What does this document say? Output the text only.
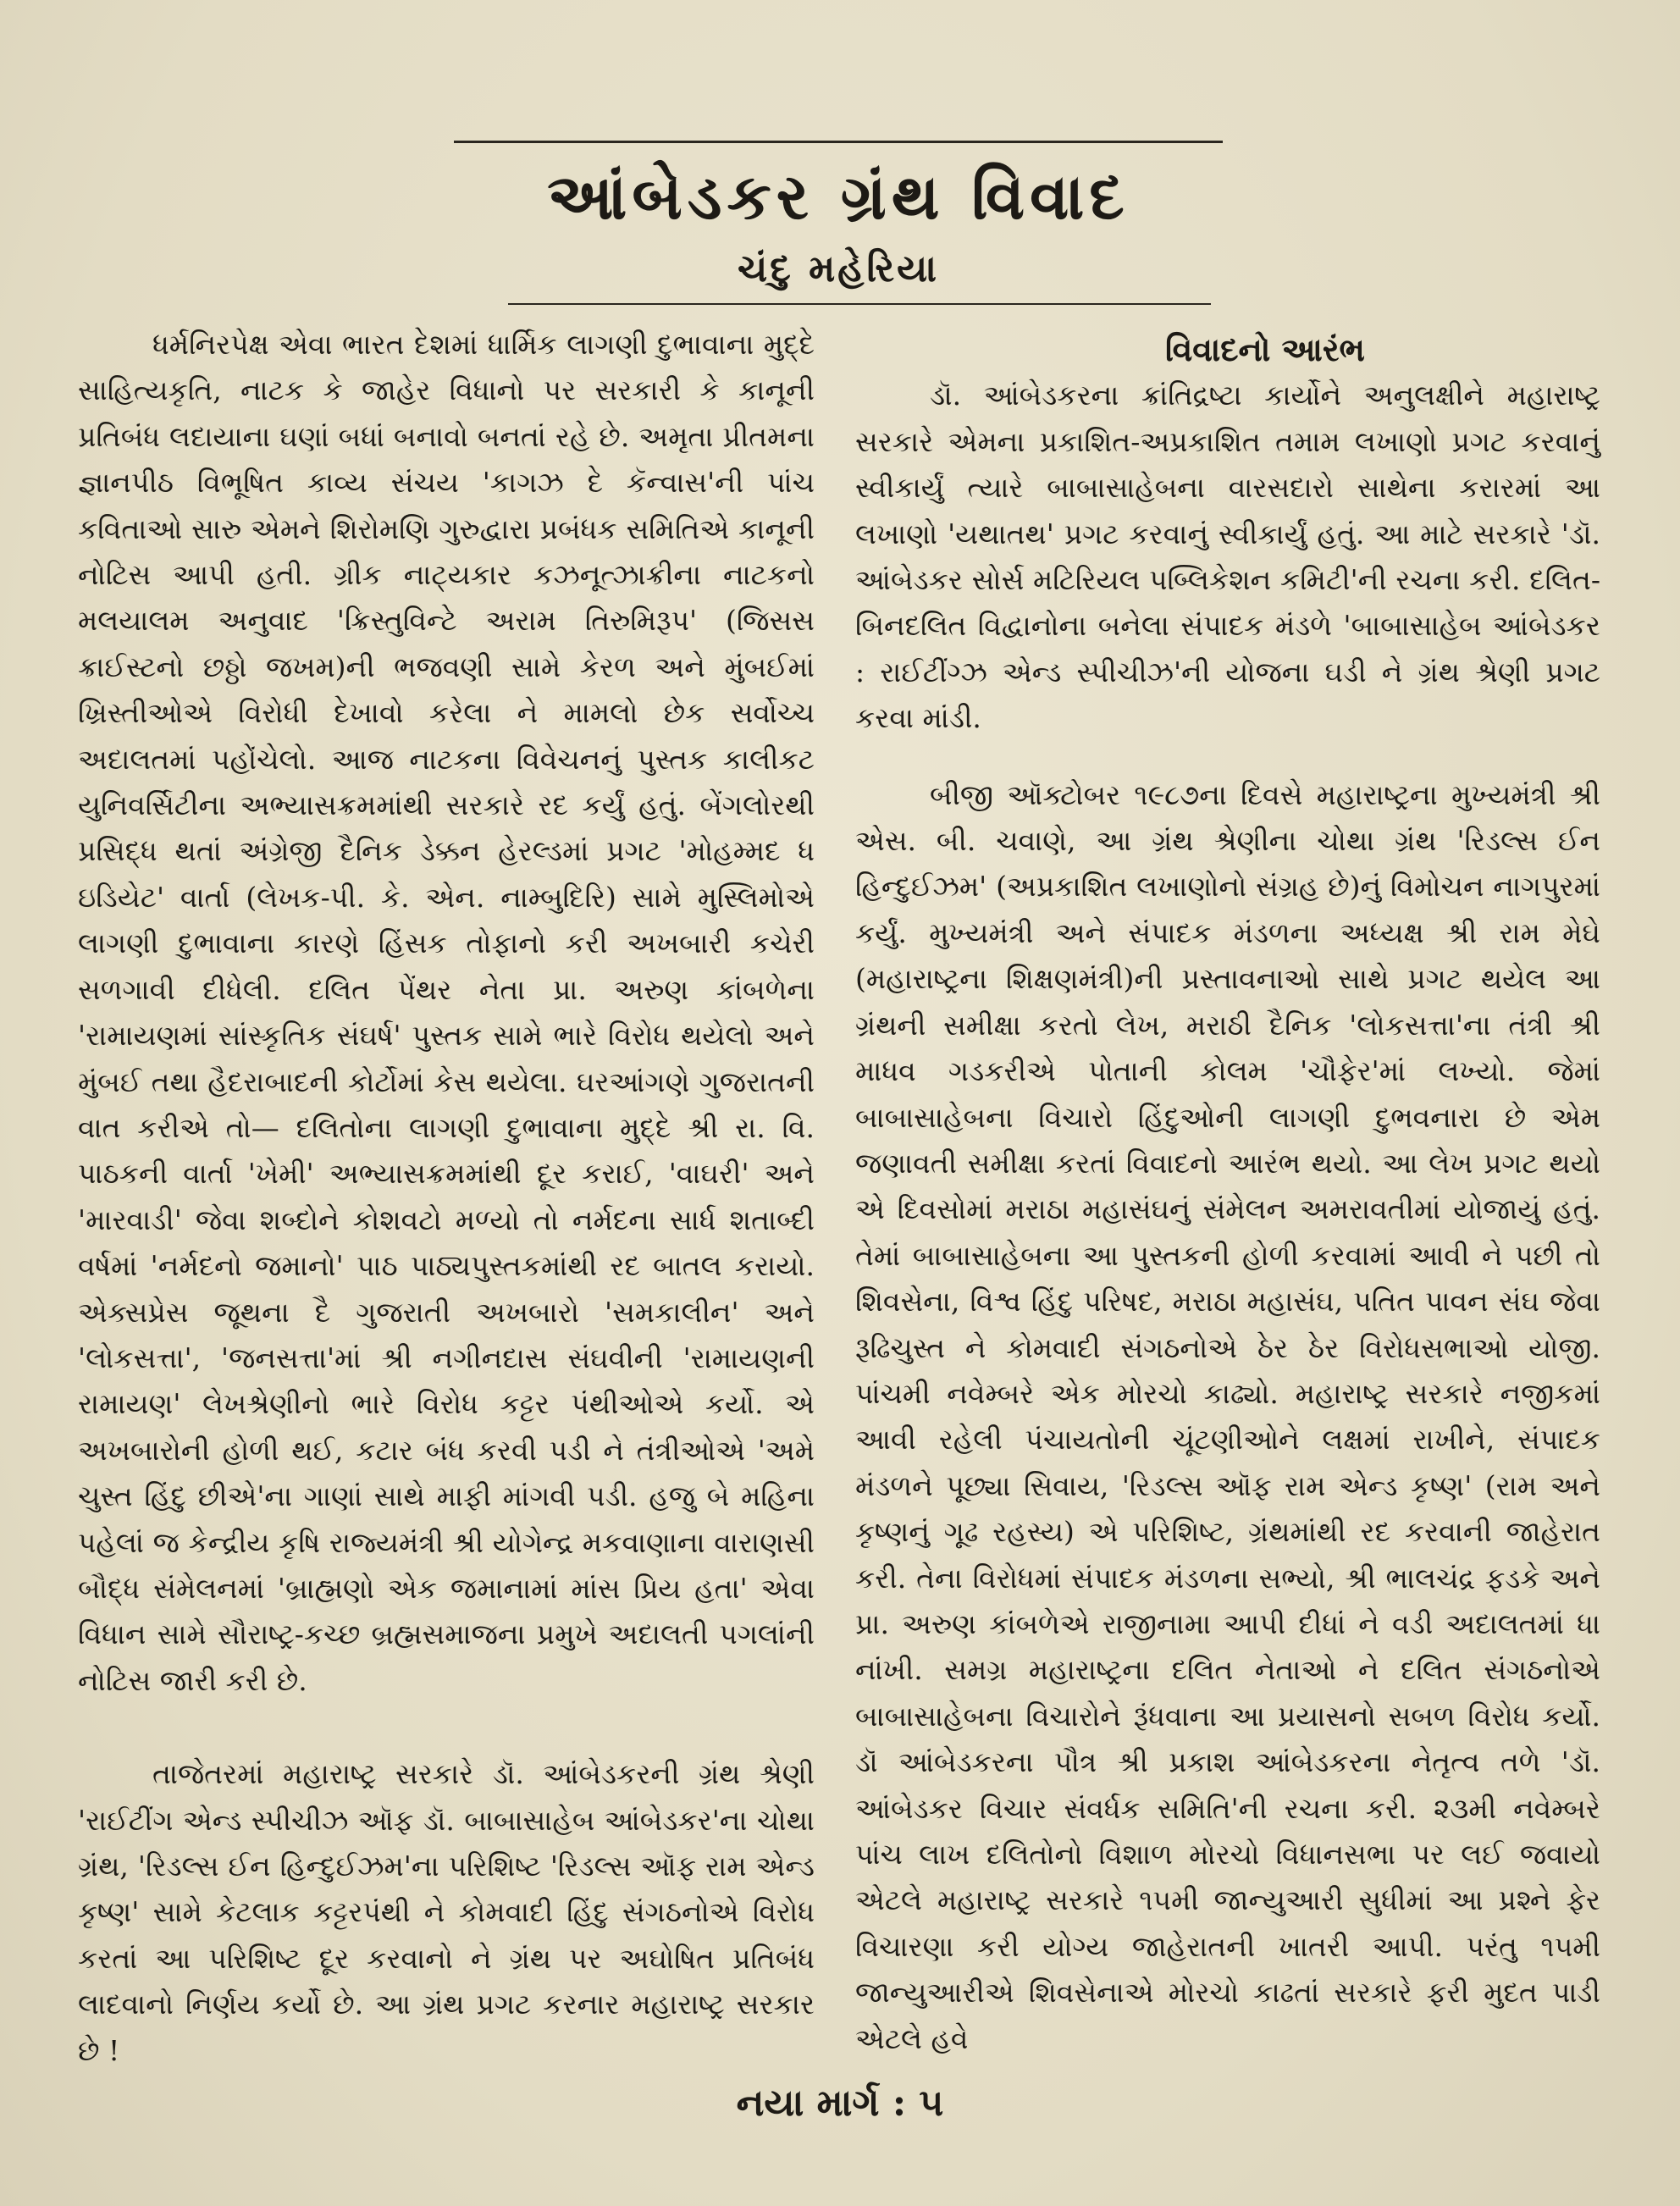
આંબેડકર ગ્રંથ વિવાદ
ચંદુ મહેરિયા

ધર્મનિરપેક્ષ એવા ભારત દેશમાં ધાર્મિક લાગણી દુભાવાના મુદ્દે સાહિત્યકૃતિ, નાટક કે જાહેર વિધાનો પર સરકારી કે કાનૂની પ્રતિબંધ લદાયાના ઘણાં બધાં બનાવો બનતાં રહે છે. અમૃતા પ્રીતમના જ્ઞાનપીઠ વિભૂષિત કાવ્ય સંચય 'કાગઝ દે કૅન્વાસ'ની પાંચ કવિતાઓ સારુ એમને શિરોમણિ ગુરુદ્વારા પ્રબંધક સમિતિએ કાનૂની નોટિસ આપી હતી. ગ્રીક નાટ્યકાર કઝનૂત્ઝાક્રીના નાટકનો મલયાલમ અનુવાદ 'ક્રિસ્તુવિન્ટે અરામ તિરુમિરૂપ' (જિસસ ક્રાઈસ્ટનો છઠ્ઠો જખમ)ની ભજવણી સામે કેરળ અને મુંબઈમાં ખ્રિસ્તીઓએ વિરોધી દેખાવો કરેલા ને મામલો છેક સર્વોચ્ચ અદાલતમાં પહોંચેલો. આજ નાટકના વિવેચનનું પુસ્તક કાલીકટ યુનિવર્સિટીના અભ્યાસક્રમમાંથી સરકારે રદ કર્યું હતું. બેંગલોરથી પ્રસિદ્ધ થતાં અંગ્રેજી દૈનિક ડેક્કન હેરલ્ડમાં પ્રગટ 'મોહમ્મદ ધ ઇડિયેટ' વાર્તા (લેખક-પી. કે. એન. નામ્બુદિરિ) સામે મુસ્લિમોએ લાગણી દુભાવાના કારણે હિંસક તોફાનો કરી અખબારી કચેરી સળગાવી દીધેલી. દલિત પેંથર નેતા પ્રા. અરુણ કાંબળેના 'રામાયણમાં સાંસ્કૃતિક સંઘર્ષ' પુસ્તક સામે ભારે વિરોધ થયેલો અને મુંબઈ તથા હૈદરાબાદની કોર્ટોમાં કેસ થયેલા. ઘરઆંગણે ગુજરાતની વાત કરીએ તો— દલિતોના લાગણી દુભાવાના મુદ્દે શ્રી રા. વિ. પાઠકની વાર્તા 'ખેમી' અભ્યાસક્રમમાંથી દૂર કરાઈ, 'વાઘરી' અને 'મારવાડી' જેવા શબ્દોને કોશવટો મળ્યો તો નર્મદના સાર્ધ શતાબ્દી વર્ષમાં 'નર્મદનો જમાનો' પાઠ પાઠ્યપુસ્તકમાંથી રદ બાતલ કરાયો. એક્સપ્રેસ જૂથના દૈ ગુજરાતી અખબારો 'સમકાલીન' અને 'લોકસત્તા', 'જનસત્તા'માં શ્રી નગીનદાસ સંઘવીની 'રામાયણની રામાયણ' લેખશ્રેણીનો ભારે વિરોધ કટ્ટર પંથીઓએ કર્યો. એ અખબારોની હોળી થઈ, કટાર બંધ કરવી પડી ને તંત્રીઓએ 'અમે ચુસ્ત હિંદુ છીએ'ના ગાણાં સાથે માફી માંગવી પડી. હજુ બે મહિના પહેલાં જ કેન્દ્રીય કૃષિ રાજ્યમંત્રી શ્રી યોગેન્દ્ર મકવાણાના વારાણસી બૌદ્ધ સંમેલનમાં 'બ્રાહ્મણો એક જમાનામાં માંસ પ્રિય હતા' એવા વિધાન સામે સૌરાષ્ટ્ર-કચ્છ બ્રહ્મસમાજના પ્રમુખે અદાલતી પગલાંની નોટિસ જારી કરી છે.

તાજેતરમાં મહારાષ્ટ્ર સરકારે ડૉ. આંબેડકરની ગ્રંથ શ્રેણી 'રાઈટીંગ એન્ડ સ્પીચીઝ ઑફ ડૉ. બાબાસાહેબ આંબેડકર'ના ચોથા ગ્રંથ, 'રિડલ્સ ઈન હિન્દુઈઝમ'ના પરિશિષ્ટ 'રિડલ્સ ઑફ રામ એન્ડ કૃષ્ણ' સામે કેટલાક કટ્ટરપંથી ને કોમવાદી હિંદુ સંગઠનોએ વિરોધ કરતાં આ પરિશિષ્ટ દૂર કરવાનો ને ગ્રંથ પર અઘોષિત પ્રતિબંધ લાદવાનો નિર્ણય કર્યો છે. આ ગ્રંથ પ્રગટ કરનાર મહારાષ્ટ્ર સરકાર છે !

વિવાદનો આરંભ

ડૉ. આંબેડકરના ક્રાંતિદ્રષ્ટા કાર્યોને અનુલક્ષીને મહારાષ્ટ્ર સરકારે એમના પ્રકાશિત-અપ્રકાશિત તમામ લખાણો પ્રગટ કરવાનું સ્વીકાર્યું ત્યારે બાબાસાહેબના વારસદારો સાથેના કરારમાં આ લખાણો 'યથાતથ' પ્રગટ કરવાનું સ્વીકાર્યું હતું. આ માટે સરકારે 'ડૉ. આંબેડકર સોર્સ મટિરિયલ પબ્લિકેશન કમિટી'ની રચના કરી. દલિત-બિનદલિત વિદ્વાનોના બનેલા સંપાદક મંડળે 'બાબાસાહેબ આંબેડકર : રાઈટીંગ્ઝ એન્ડ સ્પીચીઝ'ની યોજના ઘડી ને ગ્રંથ શ્રેણી પ્રગટ કરવા માંડી.

બીજી ઑક્ટોબર ૧૯૮૭ના દિવસે મહારાષ્ટ્રના મુખ્યમંત્રી શ્રી એસ. બી. ચવાણે, આ ગ્રંથ શ્રેણીના ચોથા ગ્રંથ 'રિડલ્સ ઈન હિન્દુઈઝમ' (અપ્રકાશિત લખાણોનો સંગ્રહ છે)નું વિમોચન નાગપુરમાં કર્યું. મુખ્યમંત્રી અને સંપાદક મંડળના અધ્યક્ષ શ્રી રામ મેઘે (મહારાષ્ટ્રના શિક્ષણમંત્રી)ની પ્રસ્તાવનાઓ સાથે પ્રગટ થયેલ આ ગ્રંથની સમીક્ષા કરતો લેખ, મરાઠી દૈનિક 'લોકસત્તા'ના તંત્રી શ્રી માધવ ગડકરીએ પોતાની કોલમ 'ચૌફેર'માં લખ્યો. જેમાં બાબાસાહેબના વિચારો હિંદુઓની લાગણી દુભવનારા છે એમ જણાવતી સમીક્ષા કરતાં વિવાદનો આરંભ થયો. આ લેખ પ્રગટ થયો એ દિવસોમાં મરાઠા મહાસંઘનું સંમેલન અમરાવતીમાં યોજાયું હતું. તેમાં બાબાસાહેબના આ પુસ્તકની હોળી કરવામાં આવી ને પછી તો શિવસેના, વિશ્વ હિંદુ પરિષદ, મરાઠા મહાસંઘ, પતિત પાવન સંઘ જેવા રૂઢિચુસ્ત ને કોમવાદી સંગઠનોએ ઠેર ઠેર વિરોધસભાઓ યોજી. પાંચમી નવેમ્બરે એક મોરચો કાઢ્યો. મહારાષ્ટ્ર સરકારે નજીકમાં આવી રહેલી પંચાયતોની ચૂંટણીઓને લક્ષમાં રાખીને, સંપાદક મંડળને પૂછ્યા સિવાય, 'રિડલ્સ ઑફ રામ એન્ડ કૃષ્ણ' (રામ અને કૃષ્ણનું ગૂઢ રહસ્ય) એ પરિશિષ્ટ, ગ્રંથમાંથી રદ કરવાની જાહેરાત કરી. તેના વિરોધમાં સંપાદક મંડળના સભ્યો, શ્રી ભાલચંદ્ર ફડકે અને પ્રા. અરુણ કાંબળેએ રાજીનામા આપી દીધાં ને વડી અદાલતમાં ધા નાંખી. સમગ્ર મહારાષ્ટ્રના દલિત નેતાઓ ને દલિત સંગઠનોએ બાબાસાહેબના વિચારોને રૂંધવાના આ પ્રયાસનો સબળ વિરોધ કર્યો. ડૉ આંબેડકરના પૌત્ર શ્રી પ્રકાશ આંબેડકરના નેતૃત્વ તળે 'ડૉ. આંબેડકર વિચાર સંવર્ધક સમિતિ'ની રચના કરી. ૨૩મી નવેમ્બરે પાંચ લાખ દલિતોનો વિશાળ મોરચો વિધાનસભા પર લઈ જવાયો એટલે મહારાષ્ટ્ર સરકારે ૧૫મી જાન્યુઆરી સુધીમાં આ પ્રશ્ને ફેર વિચારણા કરી યોગ્ય જાહેરાતની ખાતરી આપી. પરંતુ ૧૫મી જાન્યુઆરીએ શિવસેનાએ મોરચો કાઢતાં સરકારે ફરી મુદત પાડી એટલે હવે

નયા માર્ગ : ૫
